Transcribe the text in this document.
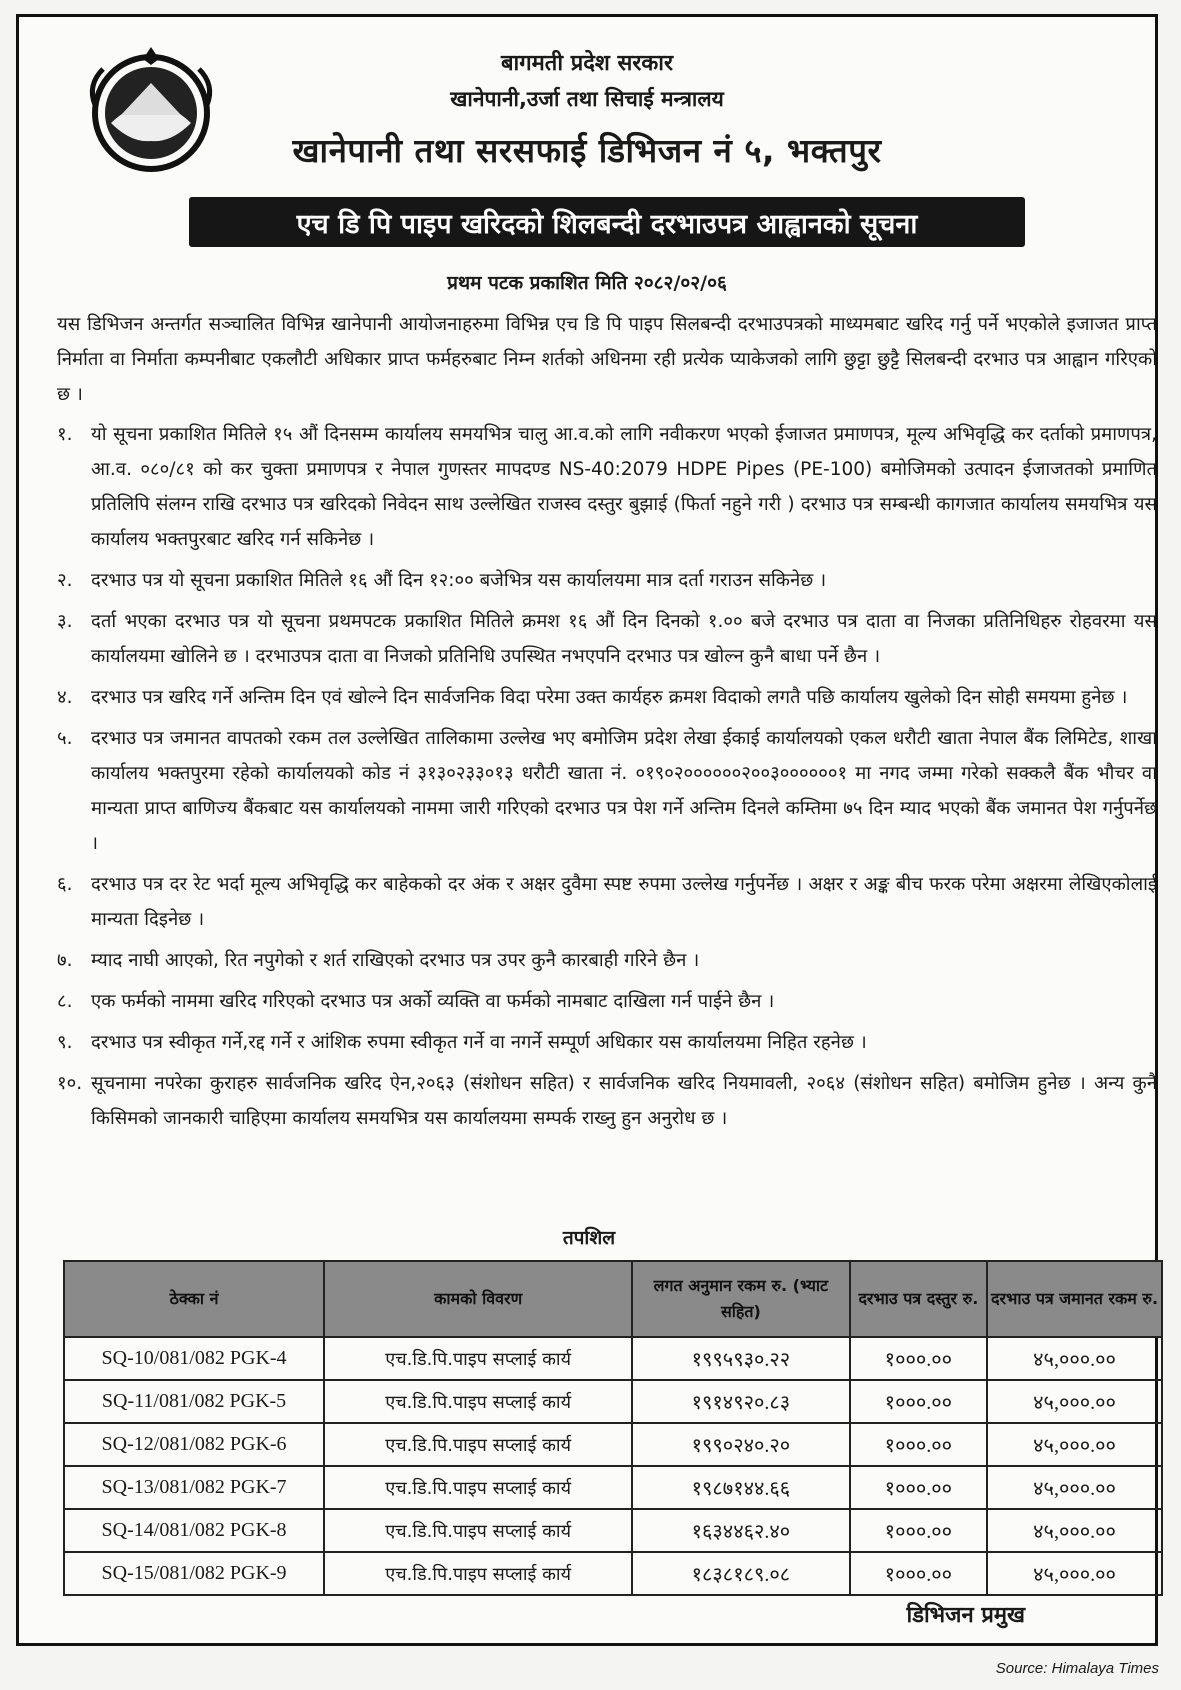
बागमती प्रदेश सरकार
खानेपानी,उर्जा तथा सिचाई मन्त्रालय
खानेपानी तथा सरसफाई डिभिजन नं ५, भक्तपुर
एच डि पि पाइप खरिदको शिलबन्दी दरभाउपत्र आह्वानको सूचना
प्रथम पटक प्रकाशित मिति २०८२/०२/०६
यस डिभिजन अन्तर्गत सञ्चालित विभिन्न खानेपानी आयोजनाहरुमा विभिन्न एच डि पि पाइप सिलबन्दी दरभाउपत्रको माध्यमबाट खरिद गर्नु पर्ने भएकोले इजाजत प्राप्त निर्माता वा निर्माता कम्पनीबाट एकलौटी अधिकार प्राप्त फर्महरुबाट निम्न शर्तको अधिनमा रही प्रत्येक प्याकेजको लागि छुट्टा छुट्टै सिलबन्दी दरभाउ पत्र आह्वान गरिएको छ ।
१. यो सूचना प्रकाशित मितिले १५ औं दिनसम्म कार्यालय समयभित्र चालु आ.व.को लागि नवीकरण भएको ईजाजत प्रमाणपत्र, मूल्य अभिवृद्धि कर दर्ताको प्रमाणपत्र, आ.व. ०८०/८१ को कर चुक्ता प्रमाणपत्र र नेपाल गुणस्तर मापदण्ड NS-40:2079 HDPE Pipes (PE-100) बमोजिमको उत्पादन ईजाजतको प्रमाणित प्रतिलिपि संलग्न राखि दरभाउ पत्र खरिदको निवेदन साथ उल्लेखित राजस्व दस्तुर बुझाई (फिर्ता नहुने गरी ) दरभाउ पत्र सम्बन्धी कागजात कार्यालय समयभित्र यस कार्यालय भक्तपुरबाट खरिद गर्न सकिनेछ ।
२. दरभाउ पत्र यो सूचना प्रकाशित मितिले १६ औं दिन १२:०० बजेभित्र यस कार्यालयमा मात्र दर्ता गराउन सकिनेछ ।
३. दर्ता भएका दरभाउ पत्र यो सूचना प्रथमपटक प्रकाशित मितिले क्रमश १६ औं दिन दिनको १.०० बजे दरभाउ पत्र दाता वा निजका प्रतिनिधिहरु रोहवरमा यस कार्यालयमा खोलिने छ । दरभाउपत्र दाता वा निजको प्रतिनिधि उपस्थित नभएपनि दरभाउ पत्र खोल्न कुनै बाधा पर्ने छैन ।
४. दरभाउ पत्र खरिद गर्ने अन्तिम दिन एवं खोल्ने दिन सार्वजनिक विदा परेमा उक्त कार्यहरु क्रमश विदाको लगतै पछि कार्यालय खुलेको दिन सोही समयमा हुनेछ ।
५. दरभाउ पत्र जमानत वापतको रकम तल उल्लेखित तालिकामा उल्लेख भए बमोजिम प्रदेश लेखा ईकाई कार्यालयको एकल धरौटी खाता नेपाल बैंक लिमिटेड, शाखा कार्यालय भक्तपुरमा रहेको कार्यालयको कोड नं ३१३०२३३०१३ धरौटी खाता नं. ०१९०२००००००२००३००००००१ मा नगद जम्मा गरेको सक्कलै बैंक भौचर वा मान्यता प्राप्त बाणिज्य बैंकबाट यस कार्यालयको नाममा जारी गरिएको दरभाउ पत्र पेश गर्ने अन्तिम दिनले कम्तिमा ७५ दिन म्याद भएको बैंक जमानत पेश गर्नुपर्नेछ ।
६. दरभाउ पत्र दर रेट भर्दा मूल्य अभिवृद्धि कर बाहेकको दर अंक र अक्षर दुवैमा स्पष्ट रुपमा उल्लेख गर्नुपर्नेछ । अक्षर र अङ्क बीच फरक परेमा अक्षरमा लेखिएकोलाई मान्यता दिइनेछ ।
७. म्याद नाघी आएको, रित नपुगेको र शर्त राखिएको दरभाउ पत्र उपर कुनै कारबाही गरिने छैन ।
८. एक फर्मको नाममा खरिद गरिएको दरभाउ पत्र अर्को व्यक्ति वा फर्मको नामबाट दाखिला गर्न पाईने छैन ।
९. दरभाउ पत्र स्वीकृत गर्ने,रद्द गर्ने र आंशिक रुपमा स्वीकृत गर्ने वा नगर्ने सम्पूर्ण अधिकार यस कार्यालयमा निहित रहनेछ ।
१०. सूचनामा नपरेका कुराहरु सार्वजनिक खरिद ऐन,२०६३ (संशोधन सहित) र सार्वजनिक खरिद नियमावली, २०६४ (संशोधन सहित) बमोजिम हुनेछ । अन्य कुनै किसिमको जानकारी चाहिएमा कार्यालय समयभित्र यस कार्यालयमा सम्पर्क राख्नु हुन अनुरोध छ ।
तपशिल
ठेक्का नं	कामको विवरण	लगत अनुमान रकम रु. (भ्याट सहित)	दरभाउ पत्र दस्तुर रु.	दरभाउ पत्र जमानत रकम रु.
SQ-10/081/082 PGK-4	एच.डि.पि.पाइप सप्लाई कार्य	१९९५९३०.२२	१०००.००	४५,०००.००
SQ-11/081/082 PGK-5	एच.डि.पि.पाइप सप्लाई कार्य	१९१४९२०.८३	१०००.००	४५,०००.००
SQ-12/081/082 PGK-6	एच.डि.पि.पाइप सप्लाई कार्य	१९९०२४०.२०	१०००.००	४५,०००.००
SQ-13/081/082 PGK-7	एच.डि.पि.पाइप सप्लाई कार्य	१९८७१४४.६६	१०००.००	४५,०००.००
SQ-14/081/082 PGK-8	एच.डि.पि.पाइप सप्लाई कार्य	१६३४४६२.४०	१०००.००	४५,०००.००
SQ-15/081/082 PGK-9	एच.डि.पि.पाइप सप्लाई कार्य	१८३८१८९.०८	१०००.००	४५,०००.००
डिभिजन प्रमुख
Source: Himalaya Times
